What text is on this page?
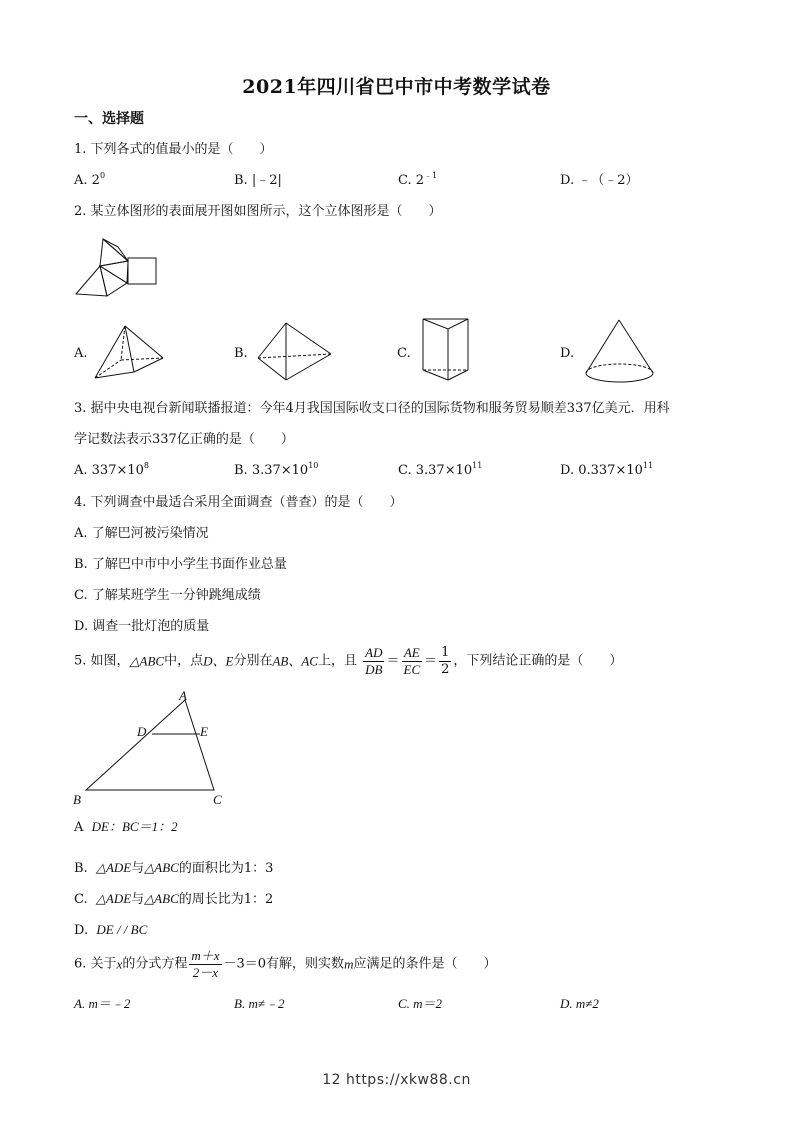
2021年四川省巴中市中考数学试卷
一、选择题
1. 下列各式的值最小的是（　　）
A. $2^0$	B. |﹣2|	C. $2^{﹣1}$	D. ﹣（﹣2）
2. 某立体图形的表面展开图如图所示，这个立体图形是（　　）
A.	B.	C.	D.
3. 据中央电视台新闻联播报道：今年4月我国国际收支口径的国际货物和服务贸易顺差337亿美元．用科
学记数法表示337亿正确的是（　　）
A. $337\times 10^8$	B. $3.37\times 10^{10}$	C. $3.37\times 10^{11}$	D. $0.337\times 10^{11}$
4. 下列调查中最适合采用全面调查（普查）的是（　　）
A. 了解巴河被污染情况
B. 了解巴中市中小学生书面作业总量
C. 了解某班学生一分钟跳绳成绩
D. 调查一批灯泡的质量
5. 如图，△ABC中，点D、E分别在AB、AC上，且 $\frac{AD}{DB} = \frac{AE}{EC} = \frac{1}{2}$ ，下列结论正确的是（　　）
A
D	E
B	C
A DE：BC＝1：2
B. △ADE与△ABC的面积比为1：3
C. △ADE与△ABC的周长比为1：2
D. DE / / BC
6. 关于x的分式方程 $\frac{m+x}{2-x} -3=0$有解，则实数m应满足的条件是（　　）
A. m＝﹣2	B. m≠﹣2	C. m＝2	D. m≠2
12 https://xkw88.cn
